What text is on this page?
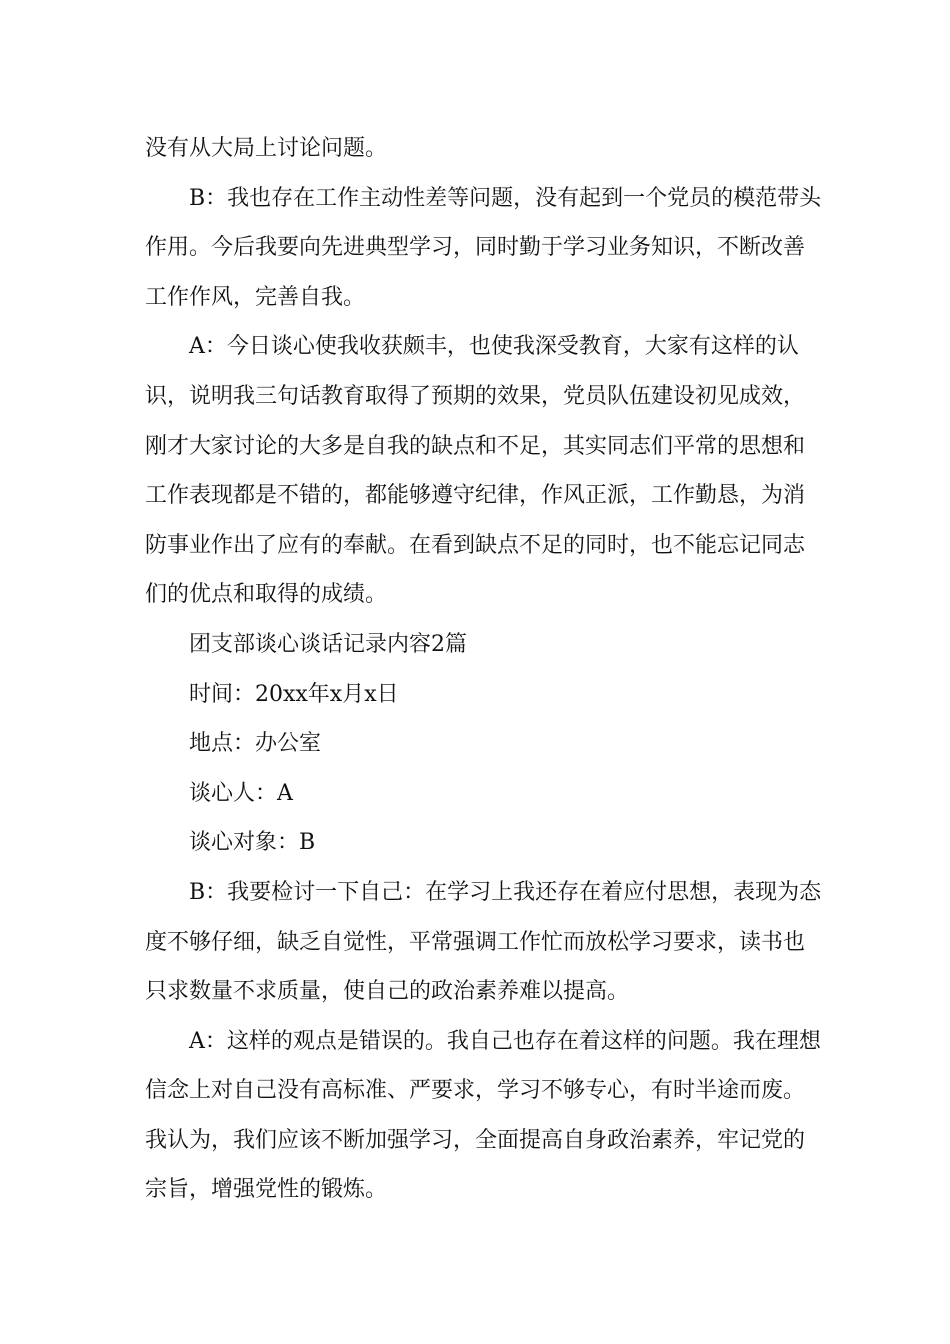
没有从大局上讨论问题。

B：我也存在工作主动性差等问题，没有起到一个党员的模范带头作用。今后我要向先进典型学习，同时勤于学习业务知识，不断改善工作作风，完善自我。

A：今日谈心使我收获颇丰，也使我深受教育，大家有这样的认识，说明我三句话教育取得了预期的效果，党员队伍建设初见成效，刚才大家讨论的大多是自我的缺点和不足，其实同志们平常的思想和工作表现都是不错的，都能够遵守纪律，作风正派，工作勤恳，为消防事业作出了应有的奉献。在看到缺点不足的同时，也不能忘记同志们的优点和取得的成绩。

团支部谈心谈话记录内容2篇

时间：20xx年x月x日

地点：办公室

谈心人：A

谈心对象：B

B：我要检讨一下自己：在学习上我还存在着应付思想，表现为态度不够仔细，缺乏自觉性，平常强调工作忙而放松学习要求，读书也只求数量不求质量，使自己的政治素养难以提高。

A：这样的观点是错误的。我自己也存在着这样的问题。我在理想信念上对自己没有高标准、严要求，学习不够专心，有时半途而废。我认为，我们应该不断加强学习，全面提高自身政治素养，牢记党的宗旨，增强党性的锻炼。
